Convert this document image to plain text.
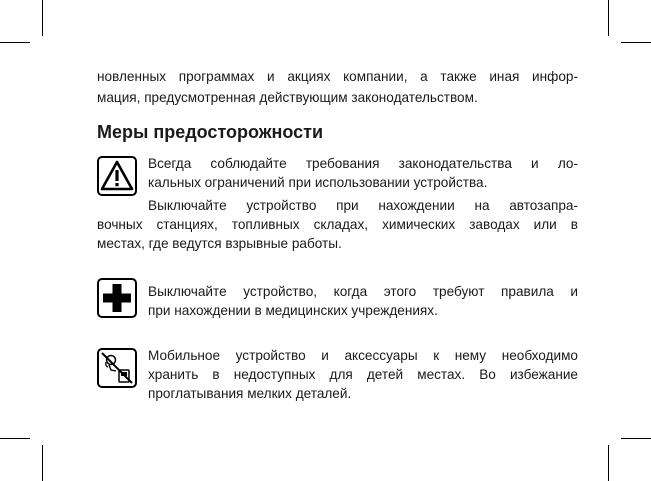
новленных программах и акциях компании, а также иная инфор-
мация, предусмотренная действующим законодательством.
Меры предосторожности
Всегда соблюдайте требования законодательства и ло-
кальных ограничений при использовании устройства.
Выключайте устройство при нахождении на автозапра-
вочных станциях, топливных складах, химических заводах или в
местах, где ведутся взрывные работы.
Выключайте устройство, когда этого требуют правила и
при нахождении в медицинских учреждениях.
Мобильное устройство и аксессуары к нему необходимо
хранить в недоступных для детей местах. Во избежание
проглатывания мелких деталей.
